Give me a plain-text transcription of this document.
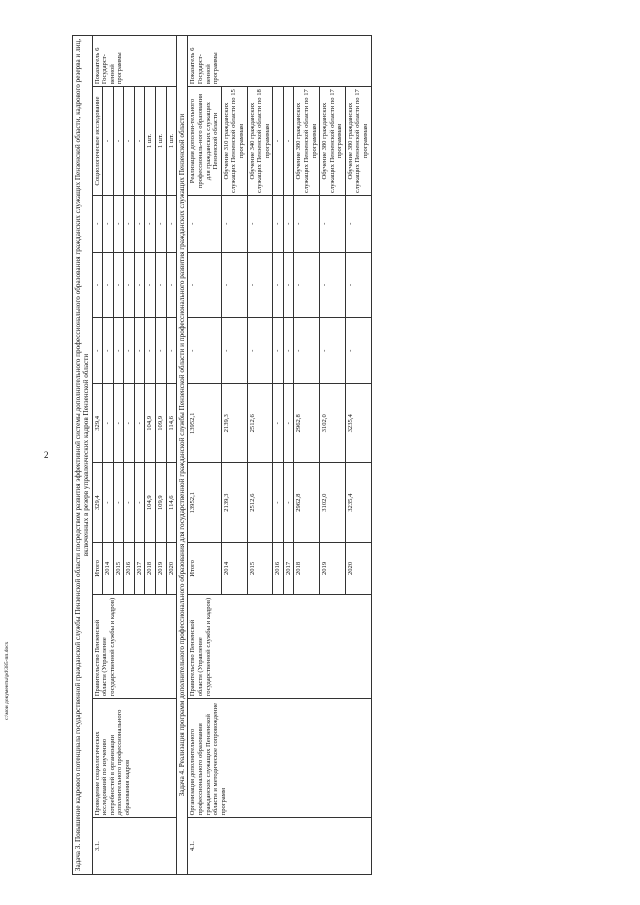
2
c:\мои документы\pd\385-пп.docx	Задача 3. Повышение кадрового потенциала государственной гражданской службы Пензенской области посредством развития эффективной системы дополнительного профессионального образования гражданских служащих Пензенской области, кадрового резерва и лиц, включенных в резерв управленческих кадров Пензенской области										
3.1.	Проведение социологических исследований по изучению потребностей в организации дополнительного профессионального образования кадров	Правительство Пензенской области (Управление государственной службы и кадров)	Итого	329,4	329,4	-	-	-	Социологическое исследование	Показатель 6 Государст-венной программы
			2014	-	-	-	-	-	-	
			2015	-	-	-	-	-	-	
			2016	-	-	-	-	-	-	
			2017	-	-	-	-	-	-	
			2018	104,9	104,9	-	-	-	1 шт.	
			2019	109,9	109,9	-	-	-	1 шт.	
			2020	114,6	114,6	-	-	-	1 шт.	
Задача 4. Реализация программ дополнительного профессионального образования для государственной гражданской службы Пензенской области и профессионального развития гражданских служащих Пензенской области										
4.1.	Организация дополнительного профессионального образования гражданских служащих Пензенской области и методическое сопровождение программ	Правительство Пензенской области (Управление государственной службы и кадров)	Итого	13952,1	13952,1	-	-	-	Реализация дополни-тельного профессиональ-ного образования для гражданских служащих Пензенской области	Показатель 6 Государст-венной программы
			2014	2139,3	2139,3	-	-	-	Обучение 310 гражданских служащих Пензенской области по 15 программам	
			2015	2512,6	2512,6	-	-	-	Обучение 340 гражданских служащих Пензенской области по 18 программам	
			2016	-	-	-	-	-	-	
			2017	-	-	-	-	-	-	
			2018	2962,8	2962,8	-	-	-	Обучение 380 гражданских служащих Пензенской области по 17 программам	
			2019	3102,0	3102,0	-	-	-	Обучение 380 гражданских служащих Пензенской области по 17 программам	
			2020	3235,4	3235,4	-	-	-	Обучение 380 гражданских служащих Пензенской области по 17 программам	
